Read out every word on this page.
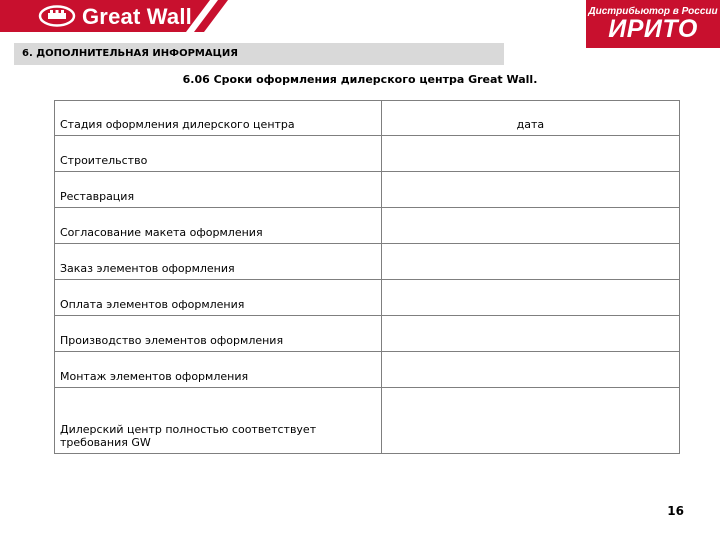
Great Wall	Дистрибьютор в России
ИРИТО
6. ДОПОЛНИТЕЛЬНАЯ ИНФОРМАЦИЯ
6.06 Сроки оформления дилерского центра Great Wall.
Стадия оформления дилерского центра	дата
Строительство	
Реставрация	
Согласование макета оформления	
Заказ элементов оформления	
Оплата элементов оформления	
Производство элементов оформления	
Монтаж элементов оформления	

Дилерский центр полностью соответствует требования GW	

16
